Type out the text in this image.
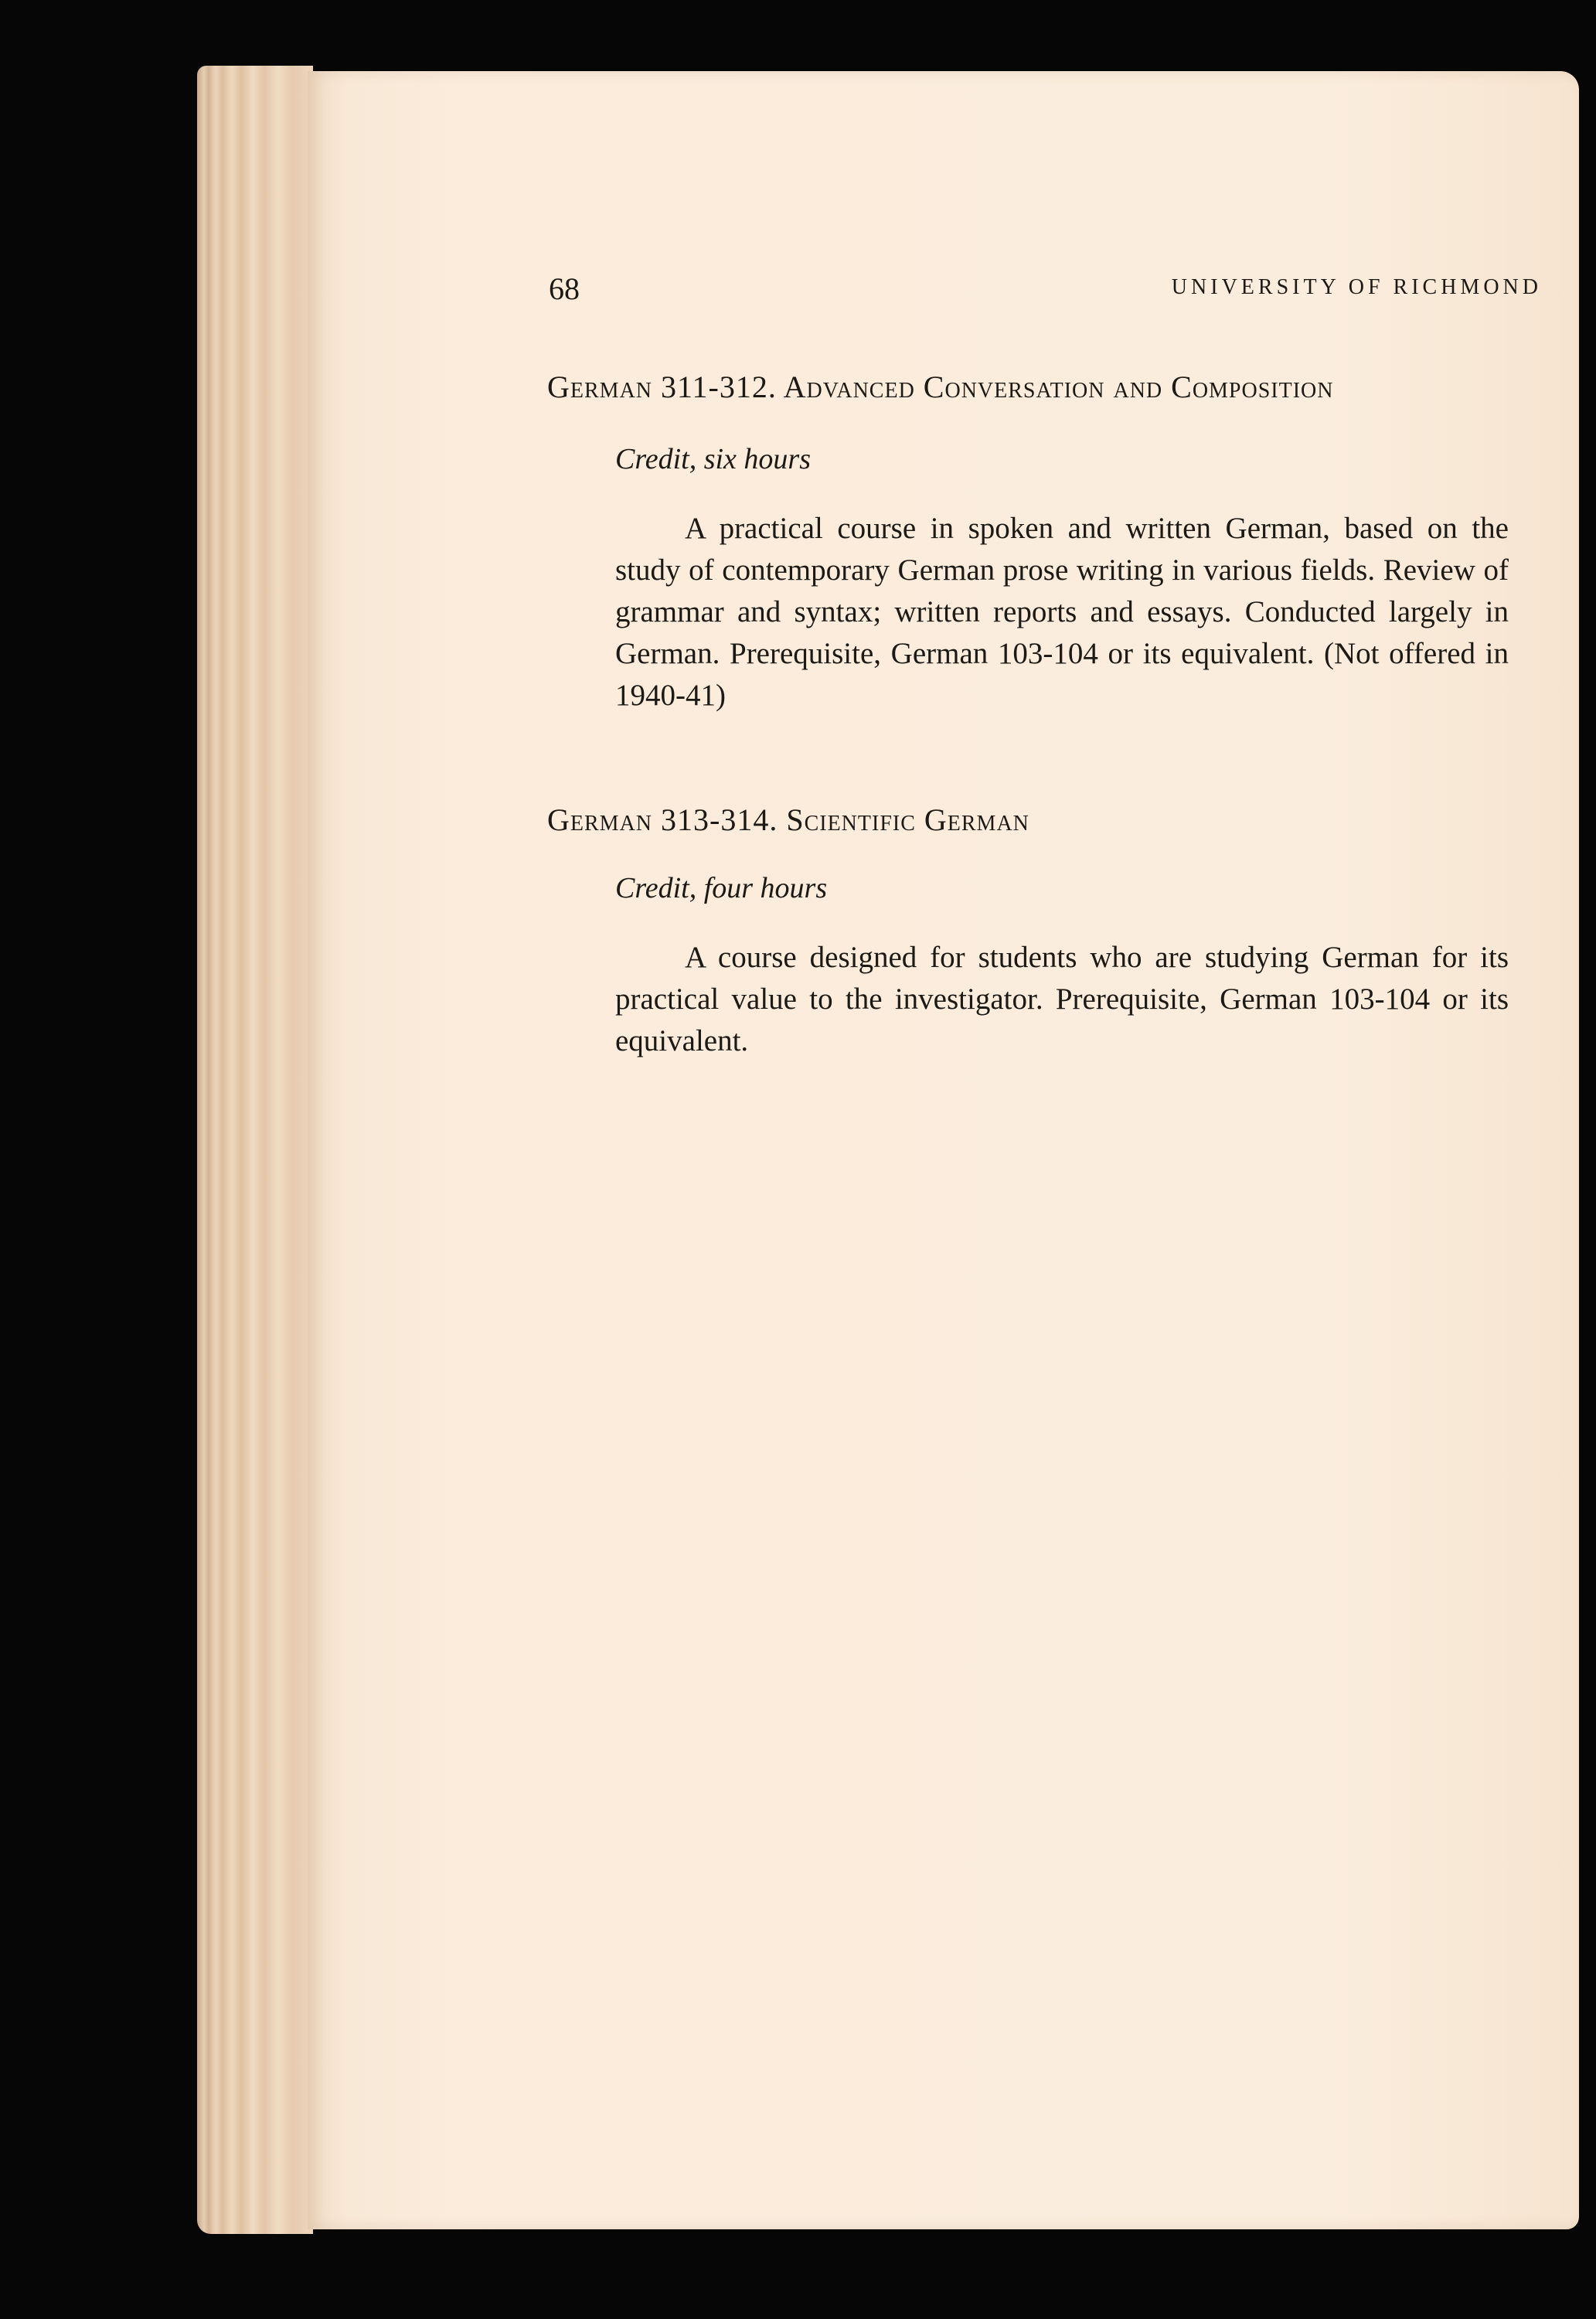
68	UNIVERSITY OF RICHMOND

German 311-312. Advanced Conversation and Composition

Credit, six hours

A practical course in spoken and written German, based on the study of contemporary German prose writing in various fields. Review of grammar and syntax; written reports and essays. Conducted largely in German. Prerequisite, German 103-104 or its equivalent. (Not offered in 1940-41)

German 313-314. Scientific German

Credit, four hours

A course designed for students who are studying German for its practical value to the investigator. Prerequisite, German 103-104 or its equivalent.
